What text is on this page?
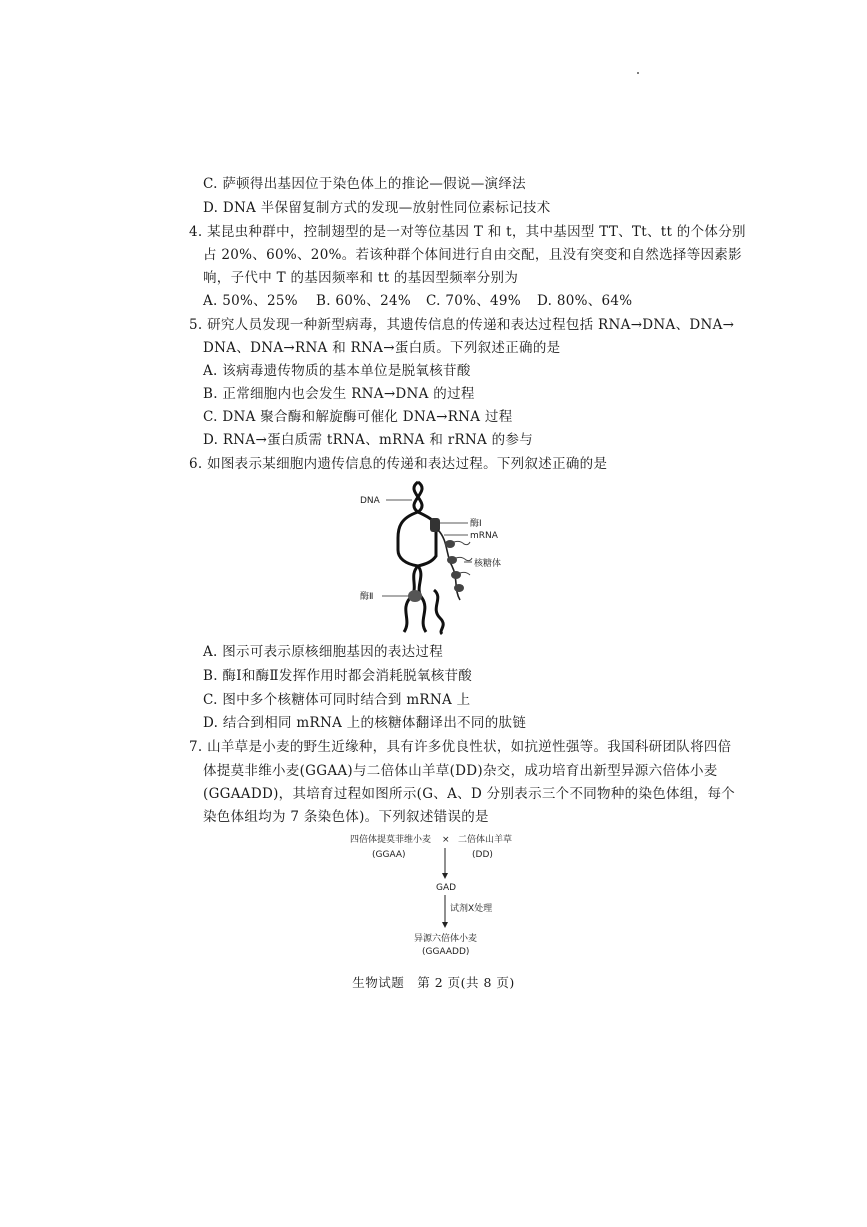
C. 萨顿得出基因位于染色体上的推论—假说—演绎法
D. DNA 半保留复制方式的发现—放射性同位素标记技术
4. 某昆虫种群中，控制翅型的是一对等位基因 T 和 t，其中基因型 TT、Tt、tt 的个体分别
占 20%、60%、20%。若该种群个体间进行自由交配，且没有突变和自然选择等因素影
响，子代中 T 的基因频率和 tt 的基因型频率分别为
A. 50%、25% B. 60%、24% C. 70%、49% D. 80%、64%
5. 研究人员发现一种新型病毒，其遗传信息的传递和表达过程包括 RNA→DNA、DNA→
DNA、DNA→RNA 和 RNA→蛋白质。下列叙述正确的是
A. 该病毒遗传物质的基本单位是脱氧核苷酸
B. 正常细胞内也会发生 RNA→DNA 的过程
C. DNA 聚合酶和解旋酶可催化 DNA→RNA 过程
D. RNA→蛋白质需 tRNA、mRNA 和 rRNA 的参与
6. 如图表示某细胞内遗传信息的传递和表达过程。下列叙述正确的是
DNA
酶Ⅰ
mRNA
核糖体
酶Ⅱ
A. 图示可表示原核细胞基因的表达过程
B. 酶Ⅰ和酶Ⅱ发挥作用时都会消耗脱氧核苷酸
C. 图中多个核糖体可同时结合到 mRNA 上
D. 结合到相同 mRNA 上的核糖体翻译出不同的肽链
7. 山羊草是小麦的野生近缘种，具有许多优良性状，如抗逆性强等。我国科研团队将四倍
体提莫非维小麦(GGAA)与二倍体山羊草(DD)杂交，成功培育出新型异源六倍体小麦
(GGAADD)，其培育过程如图所示(G、A、D 分别表示三个不同物种的染色体组，每个
染色体组均为 7 条染色体)。下列叙述错误的是
四倍体提莫菲维小麦
(GGAA)
× 二倍体山羊草
(DD)
GAD
试剂X处理
异源六倍体小麦
(GGAADD)
生物试题　第 2 页(共 8 页)
